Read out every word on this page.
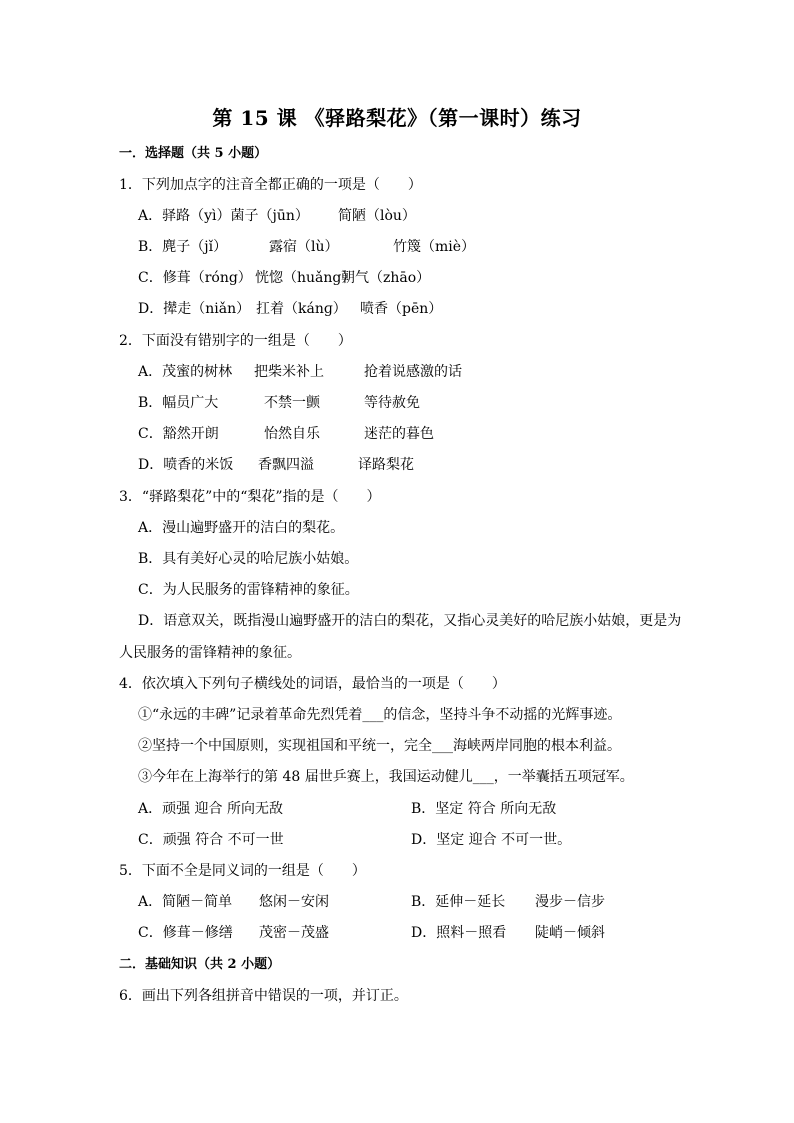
第 15 课 《驿路梨花》（第一课时）练习
一．选择题（共 5 小题）
1．下列加点字的注音全都正确的一项是（　　）
A．驿路（yì）菌子（jūn） 简陋（lòu）
B．麂子（jǐ）	露宿（lù）	竹篾（miè）
C．修葺（róng） 恍惚（huǎng）朝气（zhāo）
D．撵走（niǎn） 扛着（kánɡ） 喷香（pēn）
2．下面没有错别字的一组是（　　）
A．茂蜜的树林 把柴米补上	抢着说感激的话
B．幅员广大	不禁一颤	等待赦免
C．豁然开朗	怡然自乐	迷茫的暮色
D．喷香的米饭 香飘四溢	译路梨花
3．“驿路梨花”中的“梨花”指的是（　　）
A．漫山遍野盛开的洁白的梨花。
B．具有美好心灵的哈尼族小姑娘。
C．为人民服务的雷锋精神的象征。
D．语意双关，既指漫山遍野盛开的洁白的梨花，又指心灵美好的哈尼族小姑娘，更是为
人民服务的雷锋精神的象征。
4．依次填入下列句子横线处的词语，最恰当的一项是（　　）
①“永远的丰碑”记录着革命先烈凭着___的信念，坚持斗争不动摇的光辉事迹。
②坚持一个中国原则，实现祖国和平统一，完全___海峡两岸同胞的根本利益。
③今年在上海举行的第 48 届世乒赛上，我国运动健儿___，一举囊括五项冠军。
A．顽强 迎合 所向无敌	B．坚定 符合 所向无敌
C．顽强 符合 不可一世	D．坚定 迎合 不可一世。
5．下面不全是同义词的一组是（　　）
A．简陋－简单 悠闲－安闲	B．延伸－延长 漫步－信步
C．修葺－修缮 茂密－茂盛	D．照料－照看 陡峭－倾斜
二．基础知识（共 2 小题）
6．画出下列各组拼音中错误的一项，并订正。
